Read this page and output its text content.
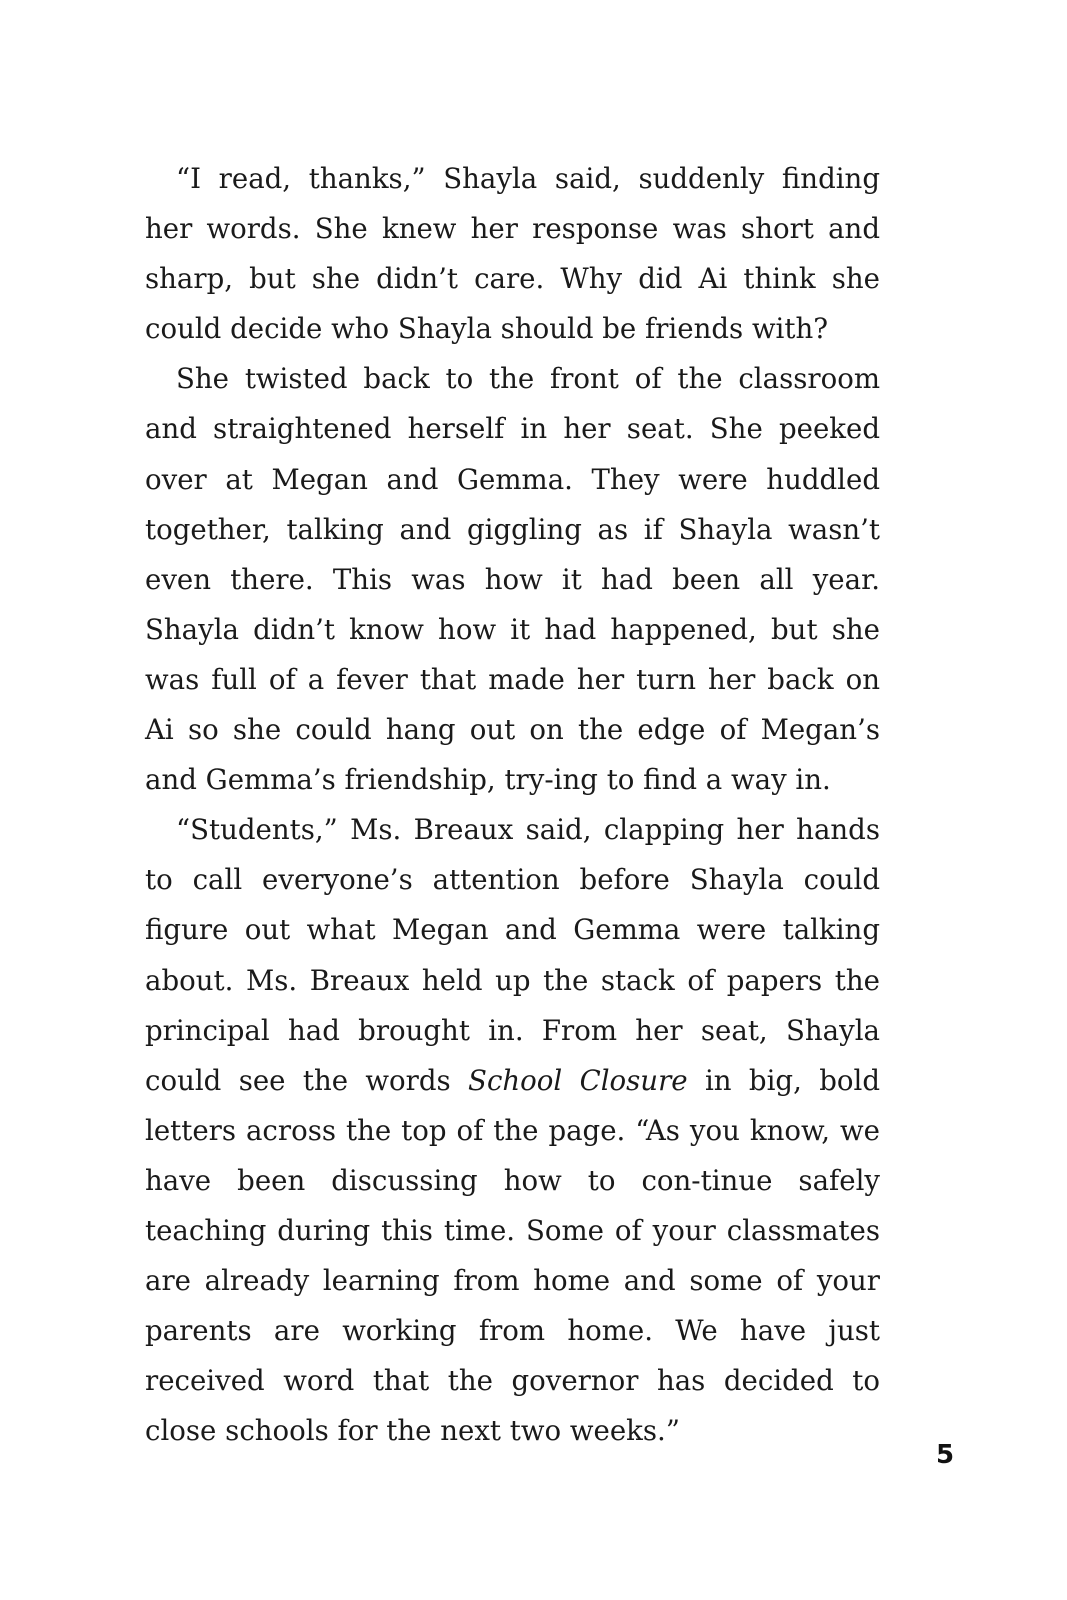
“I read, thanks,” Shayla said, suddenly finding her words. She knew her response was short and sharp, but she didn’t care. Why did Ai think she could decide who Shayla should be friends with?

She twisted back to the front of the classroom and straightened herself in her seat. She peeked over at Megan and Gemma. They were huddled together, talking and giggling as if Shayla wasn’t even there. This was how it had been all year. Shayla didn’t know how it had happened, but she was full of a fever that made her turn her back on Ai so she could hang out on the edge of Megan’s and Gemma’s friendship, try-ing to find a way in.

“Students,” Ms. Breaux said, clapping her hands to call everyone’s attention before Shayla could figure out what Megan and Gemma were talking about. Ms. Breaux held up the stack of papers the principal had brought in. From her seat, Shayla could see the words School Closure in big, bold letters across the top of the page. “As you know, we have been discussing how to con-tinue safely teaching during this time. Some of your classmates are already learning from home and some of your parents are working from home. We have just received word that the governor has decided to close schools for the next two weeks.”

5
